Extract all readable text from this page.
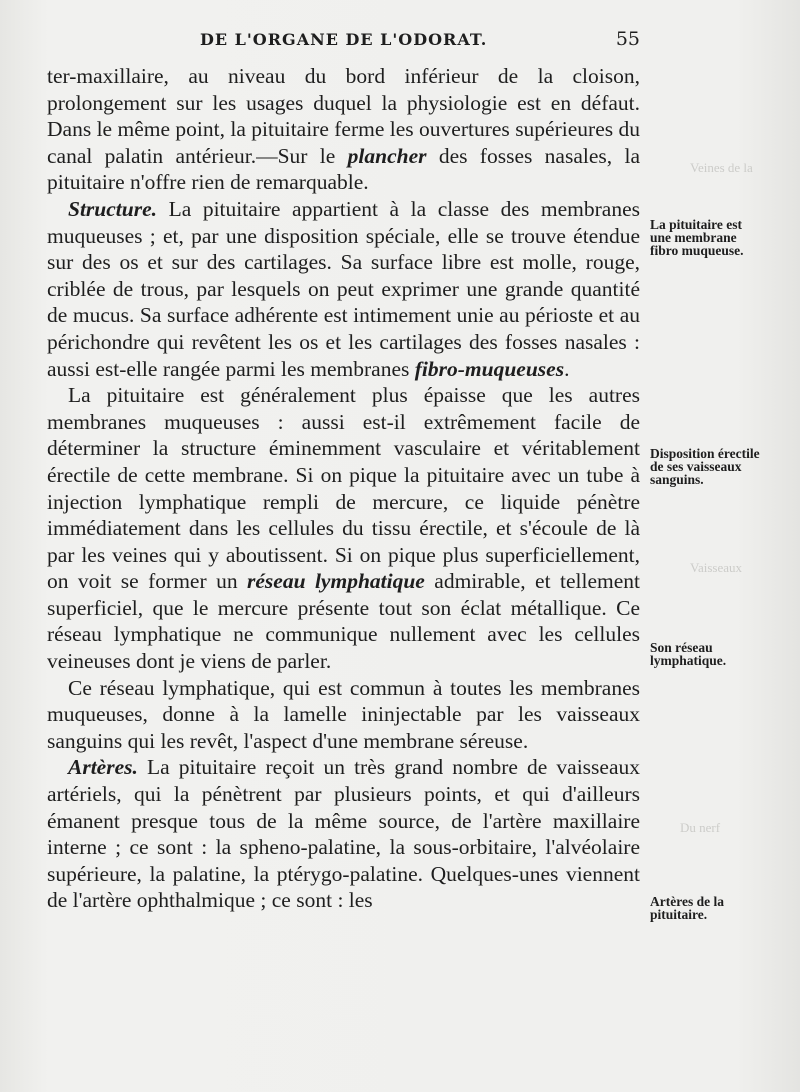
Veines de la
Vaisseaux
Du nerf
DE L'ORGANE DE L'ODORAT.	55

ter-maxillaire, au niveau du bord inférieur de la cloison, prolongement sur les usages duquel la physiologie est en défaut. Dans le même point, la pituitaire ferme les ouvertures supérieures du canal palatin antérieur.—Sur le plancher des fosses nasales, la pituitaire n'offre rien de remarquable.

Structure. La pituitaire appartient à la classe des membranes muqueuses ; et, par une disposition spéciale, elle se trouve étendue sur des os et sur des cartilages. Sa surface libre est molle, rouge, criblée de trous, par lesquels on peut exprimer une grande quantité de mucus. Sa surface adhérente est intimement unie au périoste et au périchondre qui revêtent les os et les cartilages des fosses nasales : aussi est-elle rangée parmi les membranes fibro-muqueuses.

La pituitaire est généralement plus épaisse que les autres membranes muqueuses : aussi est-il extrêmement facile de déterminer la structure éminemment vasculaire et véritablement érectile de cette membrane. Si on pique la pituitaire avec un tube à injection lymphatique rempli de mercure, ce liquide pénètre immédiatement dans les cellules du tissu érectile, et s'écoule de là par les veines qui y aboutissent. Si on pique plus superficiellement, on voit se former un réseau lymphatique admirable, et tellement superficiel, que le mercure présente tout son éclat métallique. Ce réseau lymphatique ne communique nullement avec les cellules veineuses dont je viens de parler.

Ce réseau lymphatique, qui est commun à toutes les membranes muqueuses, donne à la lamelle ininjectable par les vaisseaux sanguins qui les revêt, l'aspect d'une membrane séreuse.

Artères. La pituitaire reçoit un très grand nombre de vaisseaux artériels, qui la pénètrent par plusieurs points, et qui d'ailleurs émanent presque tous de la même source, de l'artère maxillaire interne ; ce sont : la spheno-palatine, la sous-orbitaire, l'alvéolaire supérieure, la palatine, la ptérygo-palatine. Quelques-unes viennent de l'artère ophthalmique ; ce sont : les

La pituitaire est une membrane fibro muqueuse.
Disposition érectile de ses vaisseaux sanguins.
Son réseau lymphatique.
Artères de la pituitaire.
